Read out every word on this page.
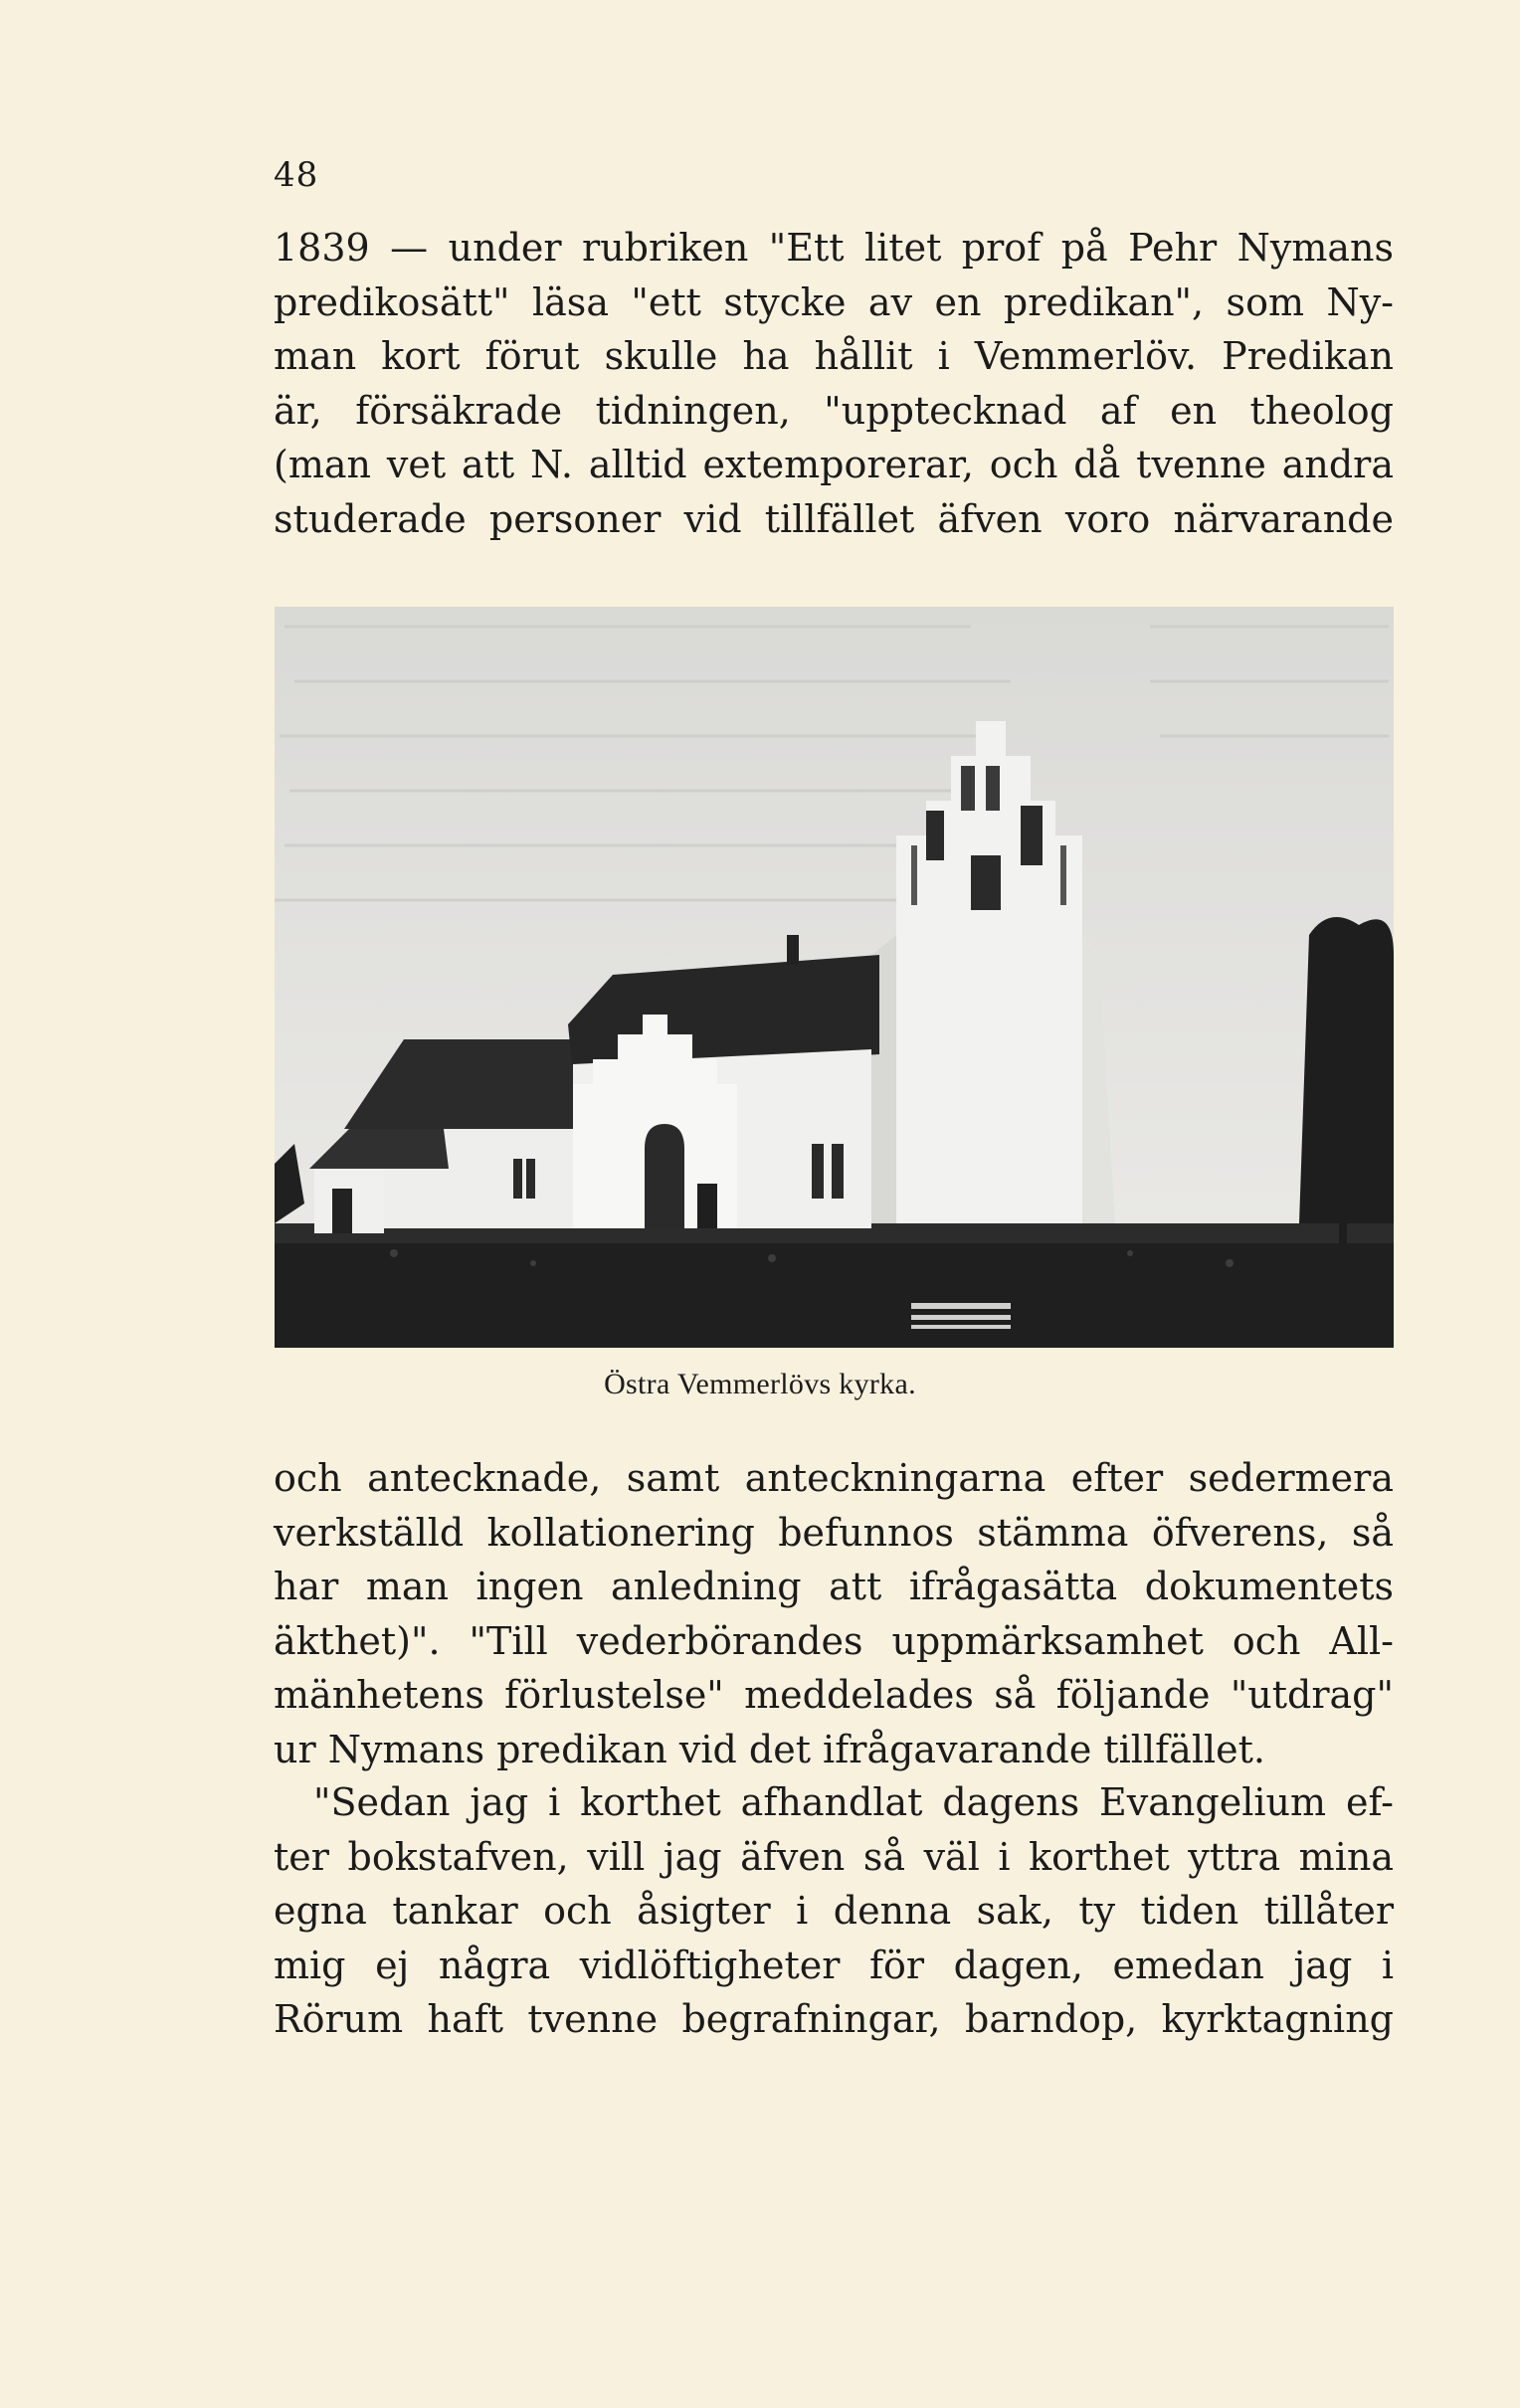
48
1839 — under rubriken "Ett litet prof på Pehr Nymans
predikosätt" läsa "ett stycke av en predikan", som Ny-
man kort förut skulle ha hållit i Vemmerlöv. Predikan
är, försäkrade tidningen, "upptecknad af en theolog
(man vet att N. alltid extemporerar, och då tvenne andra
studerade personer vid tillfället äfven voro närvarande
Östra Vemmerlövs kyrka.
och antecknade, samt anteckningarna efter sedermera
verkställd kollationering befunnos stämma öfverens, så
har man ingen anledning att ifrågasätta dokumentets
äkthet)". "Till vederbörandes uppmärksamhet och All-
mänhetens förlustelse" meddelades så följande "utdrag"
ur Nymans predikan vid det ifrågavarande tillfället.
"Sedan jag i korthet afhandlat dagens Evangelium ef-
ter bokstafven, vill jag äfven så väl i korthet yttra mina
egna tankar och åsigter i denna sak, ty tiden tillåter
mig ej några vidlöftigheter för dagen, emedan jag i
Rörum haft tvenne begrafningar, barndop, kyrktagning
